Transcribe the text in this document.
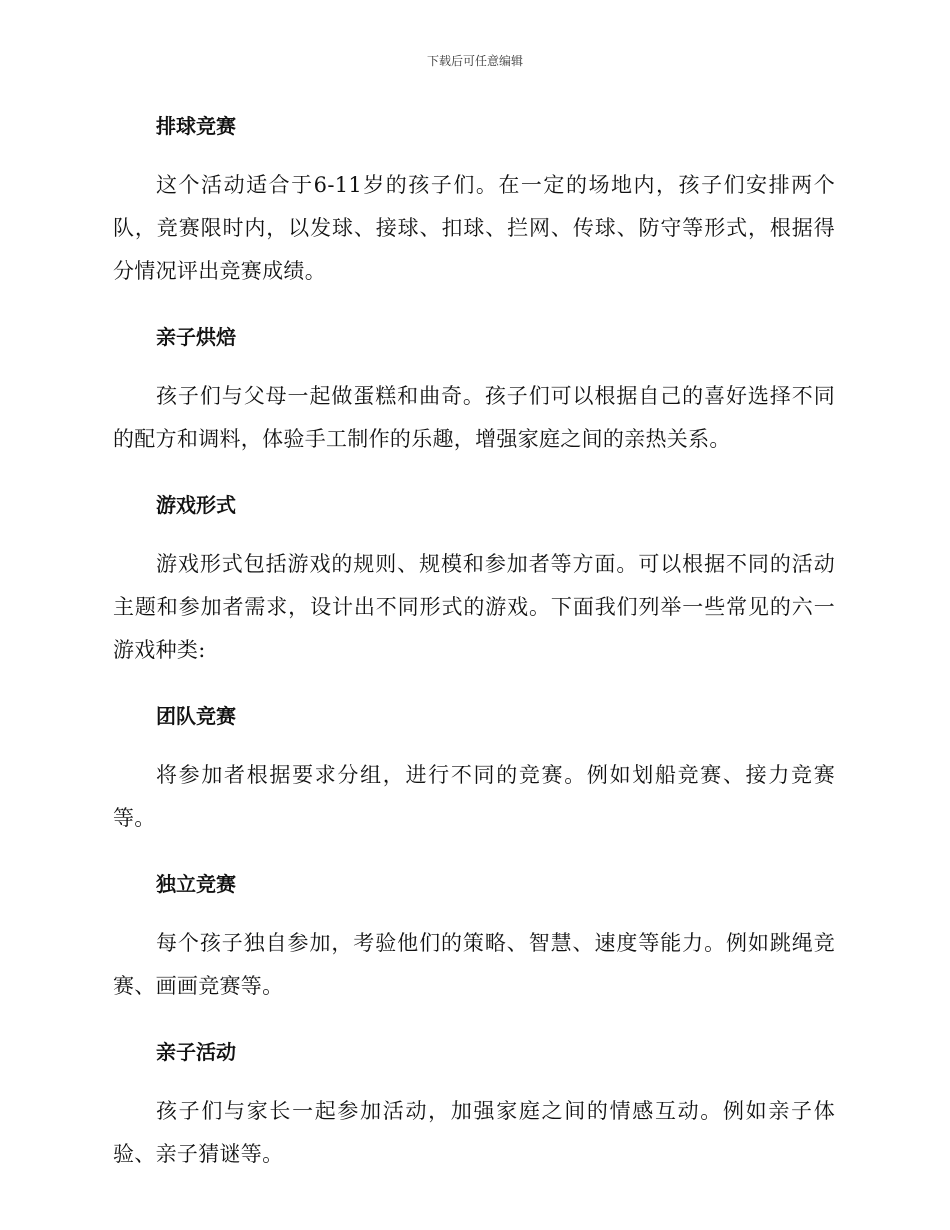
下载后可任意编辑
排球竞赛

这个活动适合于6-11岁的孩子们。在一定的场地内，孩子们安排两个队，竞赛限时内，以发球、接球、扣球、拦网、传球、防守等形式，根据得分情况评出竞赛成绩。

亲子烘焙

孩子们与父母一起做蛋糕和曲奇。孩子们可以根据自己的喜好选择不同的配方和调料，体验手工制作的乐趣，增强家庭之间的亲热关系。

游戏形式

游戏形式包括游戏的规则、规模和参加者等方面。可以根据不同的活动主题和参加者需求，设计出不同形式的游戏。下面我们列举一些常见的六一游戏种类:

团队竞赛

将参加者根据要求分组，进行不同的竞赛。例如划船竞赛、接力竞赛等。

独立竞赛

每个孩子独自参加，考验他们的策略、智慧、速度等能力。例如跳绳竞赛、画画竞赛等。

亲子活动

孩子们与家长一起参加活动，加强家庭之间的情感互动。例如亲子体验、亲子猜谜等。
